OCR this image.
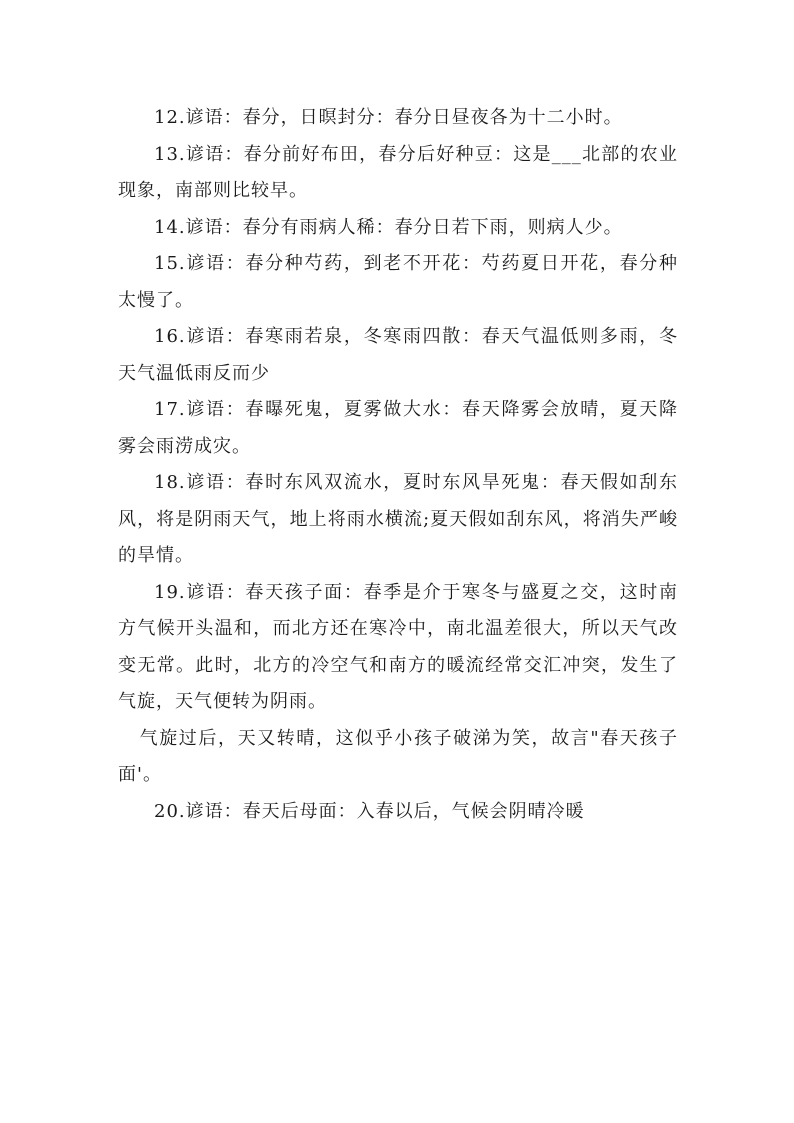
12.谚语：春分，日暝封分：春分日昼夜各为十二小时。

13.谚语：春分前好布田，春分后好种豆：这是___北部的农业现象，南部则比较早。

14.谚语：春分有雨病人稀：春分日若下雨，则病人少。

15.谚语：春分种芍药，到老不开花：芍药夏日开花，春分种太慢了。

16.谚语：春寒雨若泉，冬寒雨四散：春天气温低则多雨，冬天气温低雨反而少

17.谚语：春曝死鬼，夏雾做大水：春天降雾会放晴，夏天降雾会雨涝成灾。

18.谚语：春时东风双流水，夏时东风旱死鬼：春天假如刮东风，将是阴雨天气，地上将雨水横流;夏天假如刮东风，将消失严峻的旱情。

19.谚语：春天孩子面：春季是介于寒冬与盛夏之交，这时南方气候开头温和，而北方还在寒冷中，南北温差很大，所以天气改变无常。此时，北方的冷空气和南方的暖流经常交汇冲突，发生了气旋，天气便转为阴雨。

气旋过后，天又转晴，这似乎小孩子破涕为笑，故言"春天孩子面'。

20.谚语：春天后母面：入春以后，气候会阴晴冷暖
